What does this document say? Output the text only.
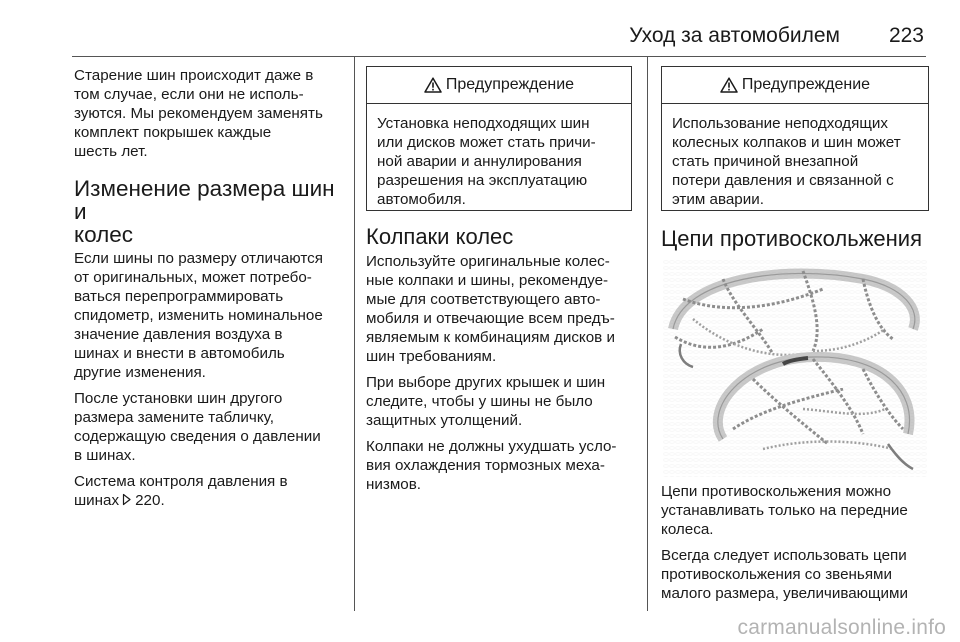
Уход за автомобилем 223

Старение шин происходит даже в
том случае, если они не исполь-
зуются. Мы рекомендуем заменять
комплект покрышек каждые
шесть лет.

Изменение размера шин и
колес

Если шины по размеру отличаются
от оригинальных, может потребо-
ваться перепрограммировать
спидометр, изменить номинальное
значение давления воздуха в
шинах и внести в автомобиль
другие изменения.

После установки шин другого
размера замените табличку,
содержащую сведения о давлении
в шинах.

Система контроля давления в
шинах 220.

Предупреждение
Установка неподходящих шин
или дисков может стать причи-
ной аварии и аннулирования
разрешения на эксплуатацию
автомобиля.
Колпаки колес

Используйте оригинальные колес-
ные колпаки и шины, рекомендуе-
мые для соответствующего авто-
мобиля и отвечающие всем предъ-
являемым к комбинациям дисков и
шин требованиям.

При выборе других крышек и шин
следите, чтобы у шины не было
защитных утолщений.

Колпаки не должны ухудшать усло-
вия охлаждения тормозных меха-
низмов.

Предупреждение
Использование неподходящих
колесных колпаков и шин может
стать причиной внезапной
потери давления и связанной с
этим аварии.
Цепи противоскольжения

Цепи противоскольжения можно
устанавливать только на передние
колеса.

Всегда следует использовать цепи
противоскольжения со звеньями
малого размера, увеличивающими

carmanualsonline.info
